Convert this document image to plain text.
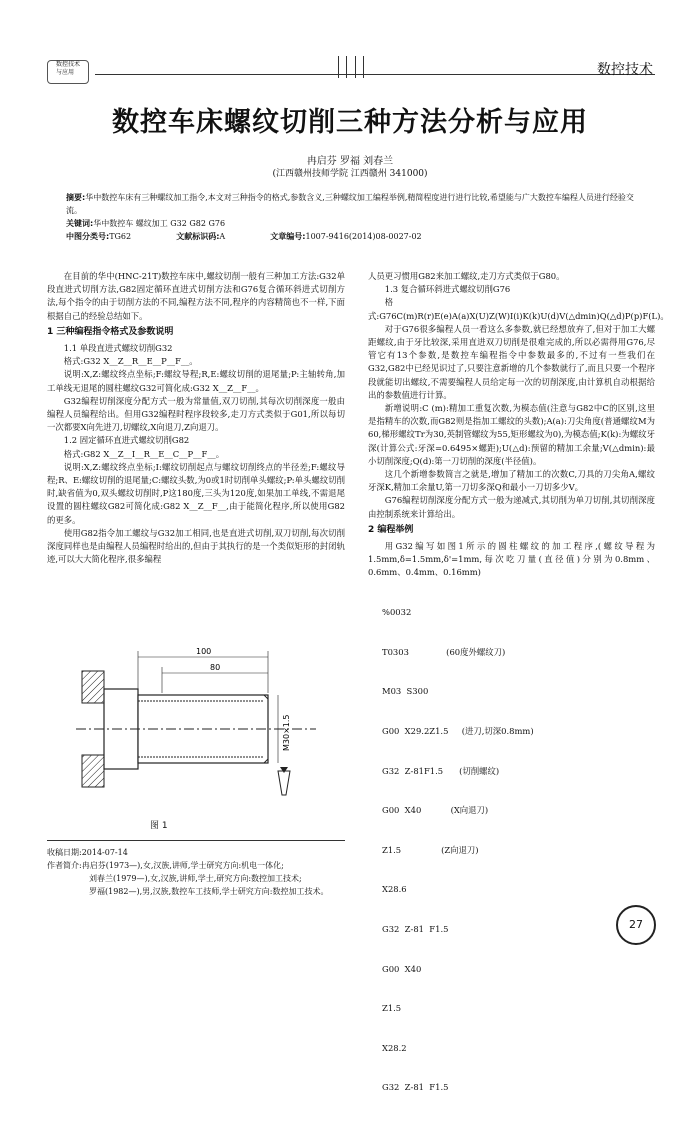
数控技术
与应用	数控技术
数控车床螺纹切削三种方法分析与应用
冉启芬 罗福 刘春兰
(江西赣州技师学院 江西赣州 341000)
摘要:华中数控车床有三种螺纹加工指令,本文对三种指令的格式,参数含义,三种螺纹加工编程举例,精简程度进行进行比较,希望能与广大数控车编程人员进行经验交流。
关键词:华中数控车 螺纹加工 G32 G82 G76
中图分类号:TG62	文献标识码:A	文章编号:1007-9416(2014)08-0027-02

在目前的华中(HNC-21T)数控车床中,螺纹切削一般有三种加工方法:G32单段直进式切削方法,G82固定循环直进式切削方法和G76复合循环斜进式切削方法,每个指令的由于切削方法的不同,编程方法不同,程序的内容精简也不一样,下面根据自己的经验总结如下。

1 三种编程指令格式及参数说明

1.1 单段直进式螺纹切削G32

格式:G32 X__Z__R__E__P__F__。

说明:X,Z:螺纹终点坐标;F:螺纹导程;R,E:螺纹切削的退尾量;P:主轴转角,加工单线无退尾的圆柱螺纹G32可简化成:G32 X__Z__F__。

G32编程切削深度分配方式一般为常量值,双刀切削,其每次切削深度一般由编程人员编程给出。但用G32编程时程序段较多,走刀方式类似于G01,所以每切一次都要X向先进刀,切螺纹,X向退刀,Z向退刀。

1.2 固定循环直进式螺纹切削G82

格式:G82 X__Z__I__R__E__C__P__F__。

说明:X,Z:螺纹终点坐标;I:螺纹切削起点与螺纹切削终点的半径差;F:螺纹导程;R、E:螺纹切削的退尾量;C:螺纹头数,为0或1时切削单头螺纹;P:单头螺纹切削时,缺省值为0,双头螺纹切削时,P这180度,三头为120度,如果加工单线,不需退尾设置的圆柱螺纹G82可简化成:G82 X__Z__F__,由于能简化程序,所以使用G82的更多。

使用G82指令加工螺纹与G32加工相同,也是直进式切削,双刀切削,每次切削深度同样也是由编程人员编程时给出的,但由于其执行的是一个类似矩形的封闭轨迹,可以大大简化程序,很多编程

100
80
M30×1.5
图 1

人员更习惯用G82来加工螺纹,走刀方式类似于G80。

1.3 复合循环斜进式螺纹切削G76

格式:G76C(m)R(r)E(e)A(a)X(U)Z(W)I(i)K(k)U(d)V(△dmin)Q(△d)P(p)F(L)。

对于G76很多编程人员一看这么多参数,就已经想放弃了,但对于加工大螺距螺纹,由于牙比较深,采用直进双刀切削是很难完成的,所以必需得用G76,尽管它有13个参数,是数控车编程指令中参数最多的,不过有一些我们在G32,G82中已经见识过了,只要注意新增的几个参数就行了,而且只要一个程序段就能切出螺纹,不需要编程人员给定每一次的切削深度,由计算机自动根据给出的参数值进行计算。

新增说明:C (m):精加工重复次数,为模态值(注意与G82中C的区别,这里是指精车的次数,而G82则是指加工螺纹的头数);A(a):刀尖角度(普通螺纹M为60,梯形螺纹Tr为30,英制管螺纹为55,矩形螺纹为0),为模态值;K(k):为螺纹牙深(计算公式:牙深=0.6495×螺距);U(△d):预留的精加工余量;V(△dmin):最小切削深度;Q(d):第一刀切削的深度(半径值)。

这几个新增参数简言之就是,增加了精加工的次数C,刀具的刀尖角A,螺纹牙深K,精加工余量U,第一刀切多深Q和最小一刀切多少V。

G76编程切削深度分配方式一般为递减式,其切削为单刀切削,其切削深度由控制系统来计算给出。

2 编程举例

用G32编写如图1所示的圆柱螺纹的加工程序,(螺纹导程为1.5mm,δ=1.5mm,δ'=1mm,每次吃刀量(直径值)分别为0.8mm、0.6mm、0.4mm、0.16mm)

%0032

T0303              (60度外螺纹刀)

M03  S300

G00  X29.2Z1.5     (进刀,切深0.8mm)

G32  Z-81F1.5      (切削螺纹)

G00  X40           (X向退刀)

Z1.5               (Z向退刀)

X28.6

G32  Z-81  F1.5

G00  X40

Z1.5

X28.2

G32  Z-81  F1.5

收稿日期:2014-07-14
作者简介:冉启芬(1973—),女,汉族,讲师,学士研究方向:机电一体化;
刘春兰(1979—),女,汉族,讲师,学士,研究方向:数控加工技术;
罗福(1982—),男,汉族,数控车工技师,学士研究方向:数控加工技术。
27
